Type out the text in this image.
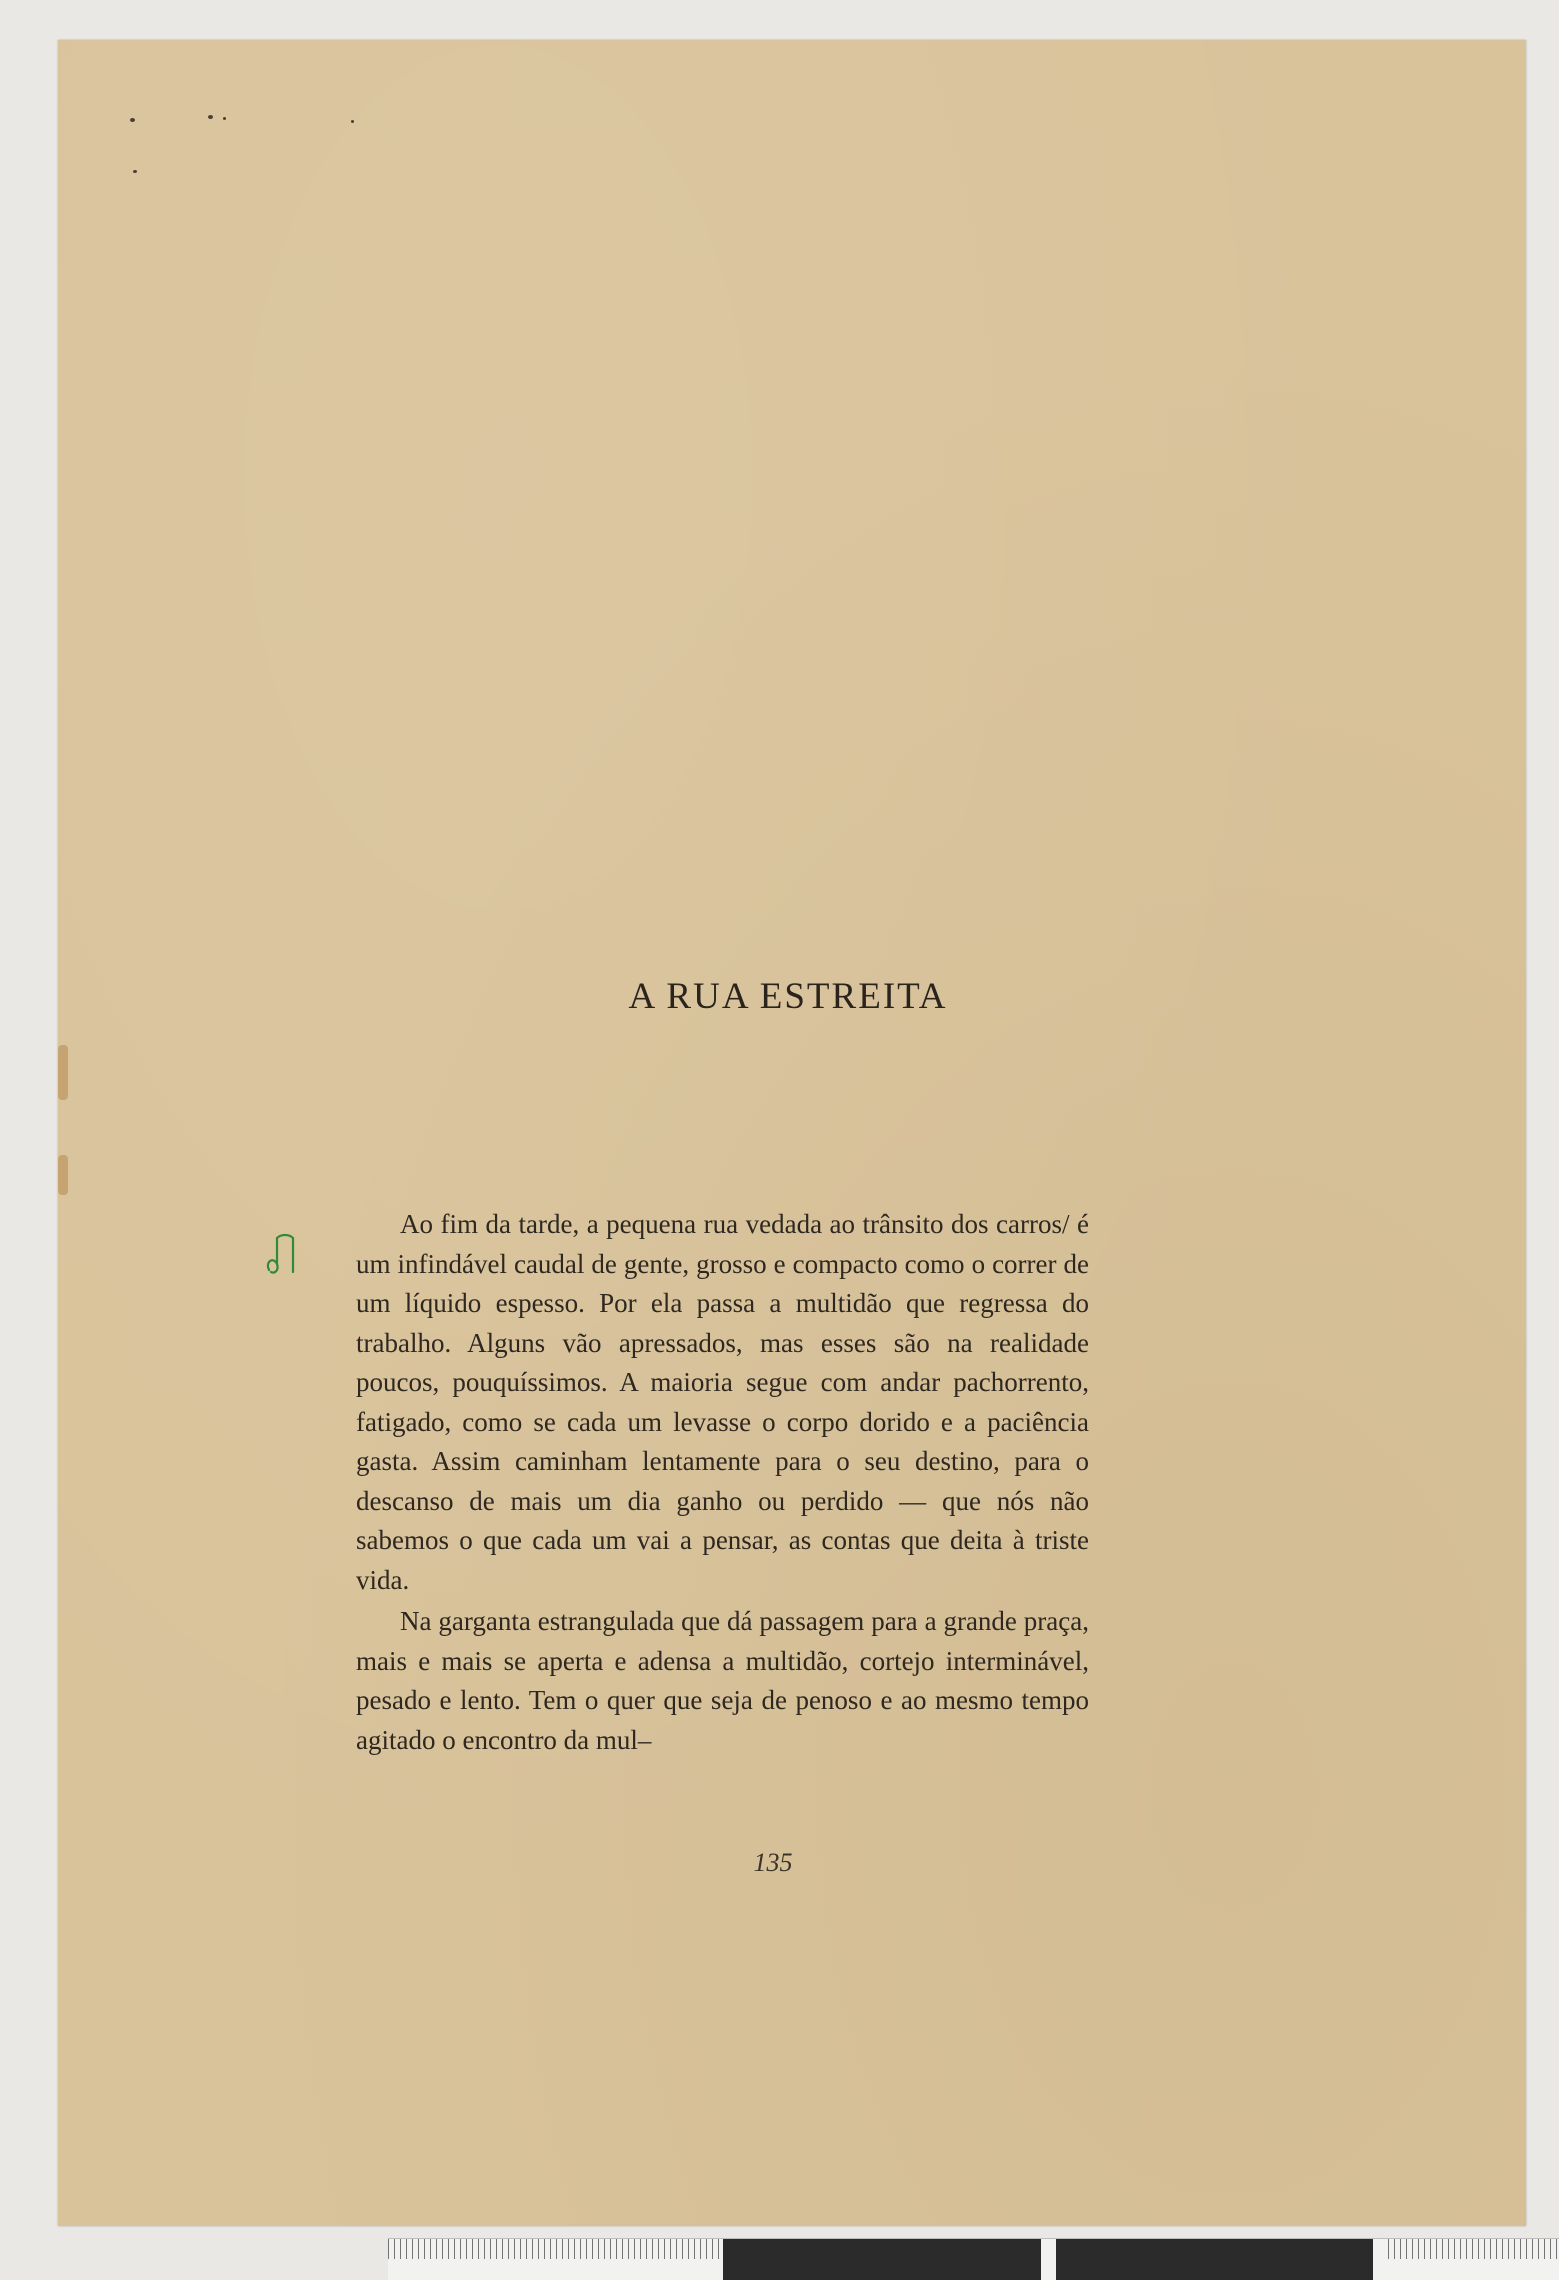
A RUA ESTREITA

Ao fim da tarde, a pequena rua vedada ao trânsito dos carros/ é um infindável caudal de gente, grosso e compacto como o correr de um líquido espesso. Por ela passa a multidão que regressa do trabalho. Alguns vão apressados, mas esses são na realidade poucos, pouquíssimos. A maioria segue com andar pachorrento, fatigado, como se cada um levasse o corpo dorido e a paciência gasta. Assim caminham lentamente para o seu destino, para o descanso de mais um dia ganho ou perdido — que nós não sabemos o que cada um vai a pensar, as contas que deita à triste vida.

Na garganta estrangulada que dá passagem para a grande praça, mais e mais se aperta e adensa a multidão, cortejo interminável, pesado e lento. Tem o quer que seja de penoso e ao mesmo tempo agitado o encontro da mul–

135
